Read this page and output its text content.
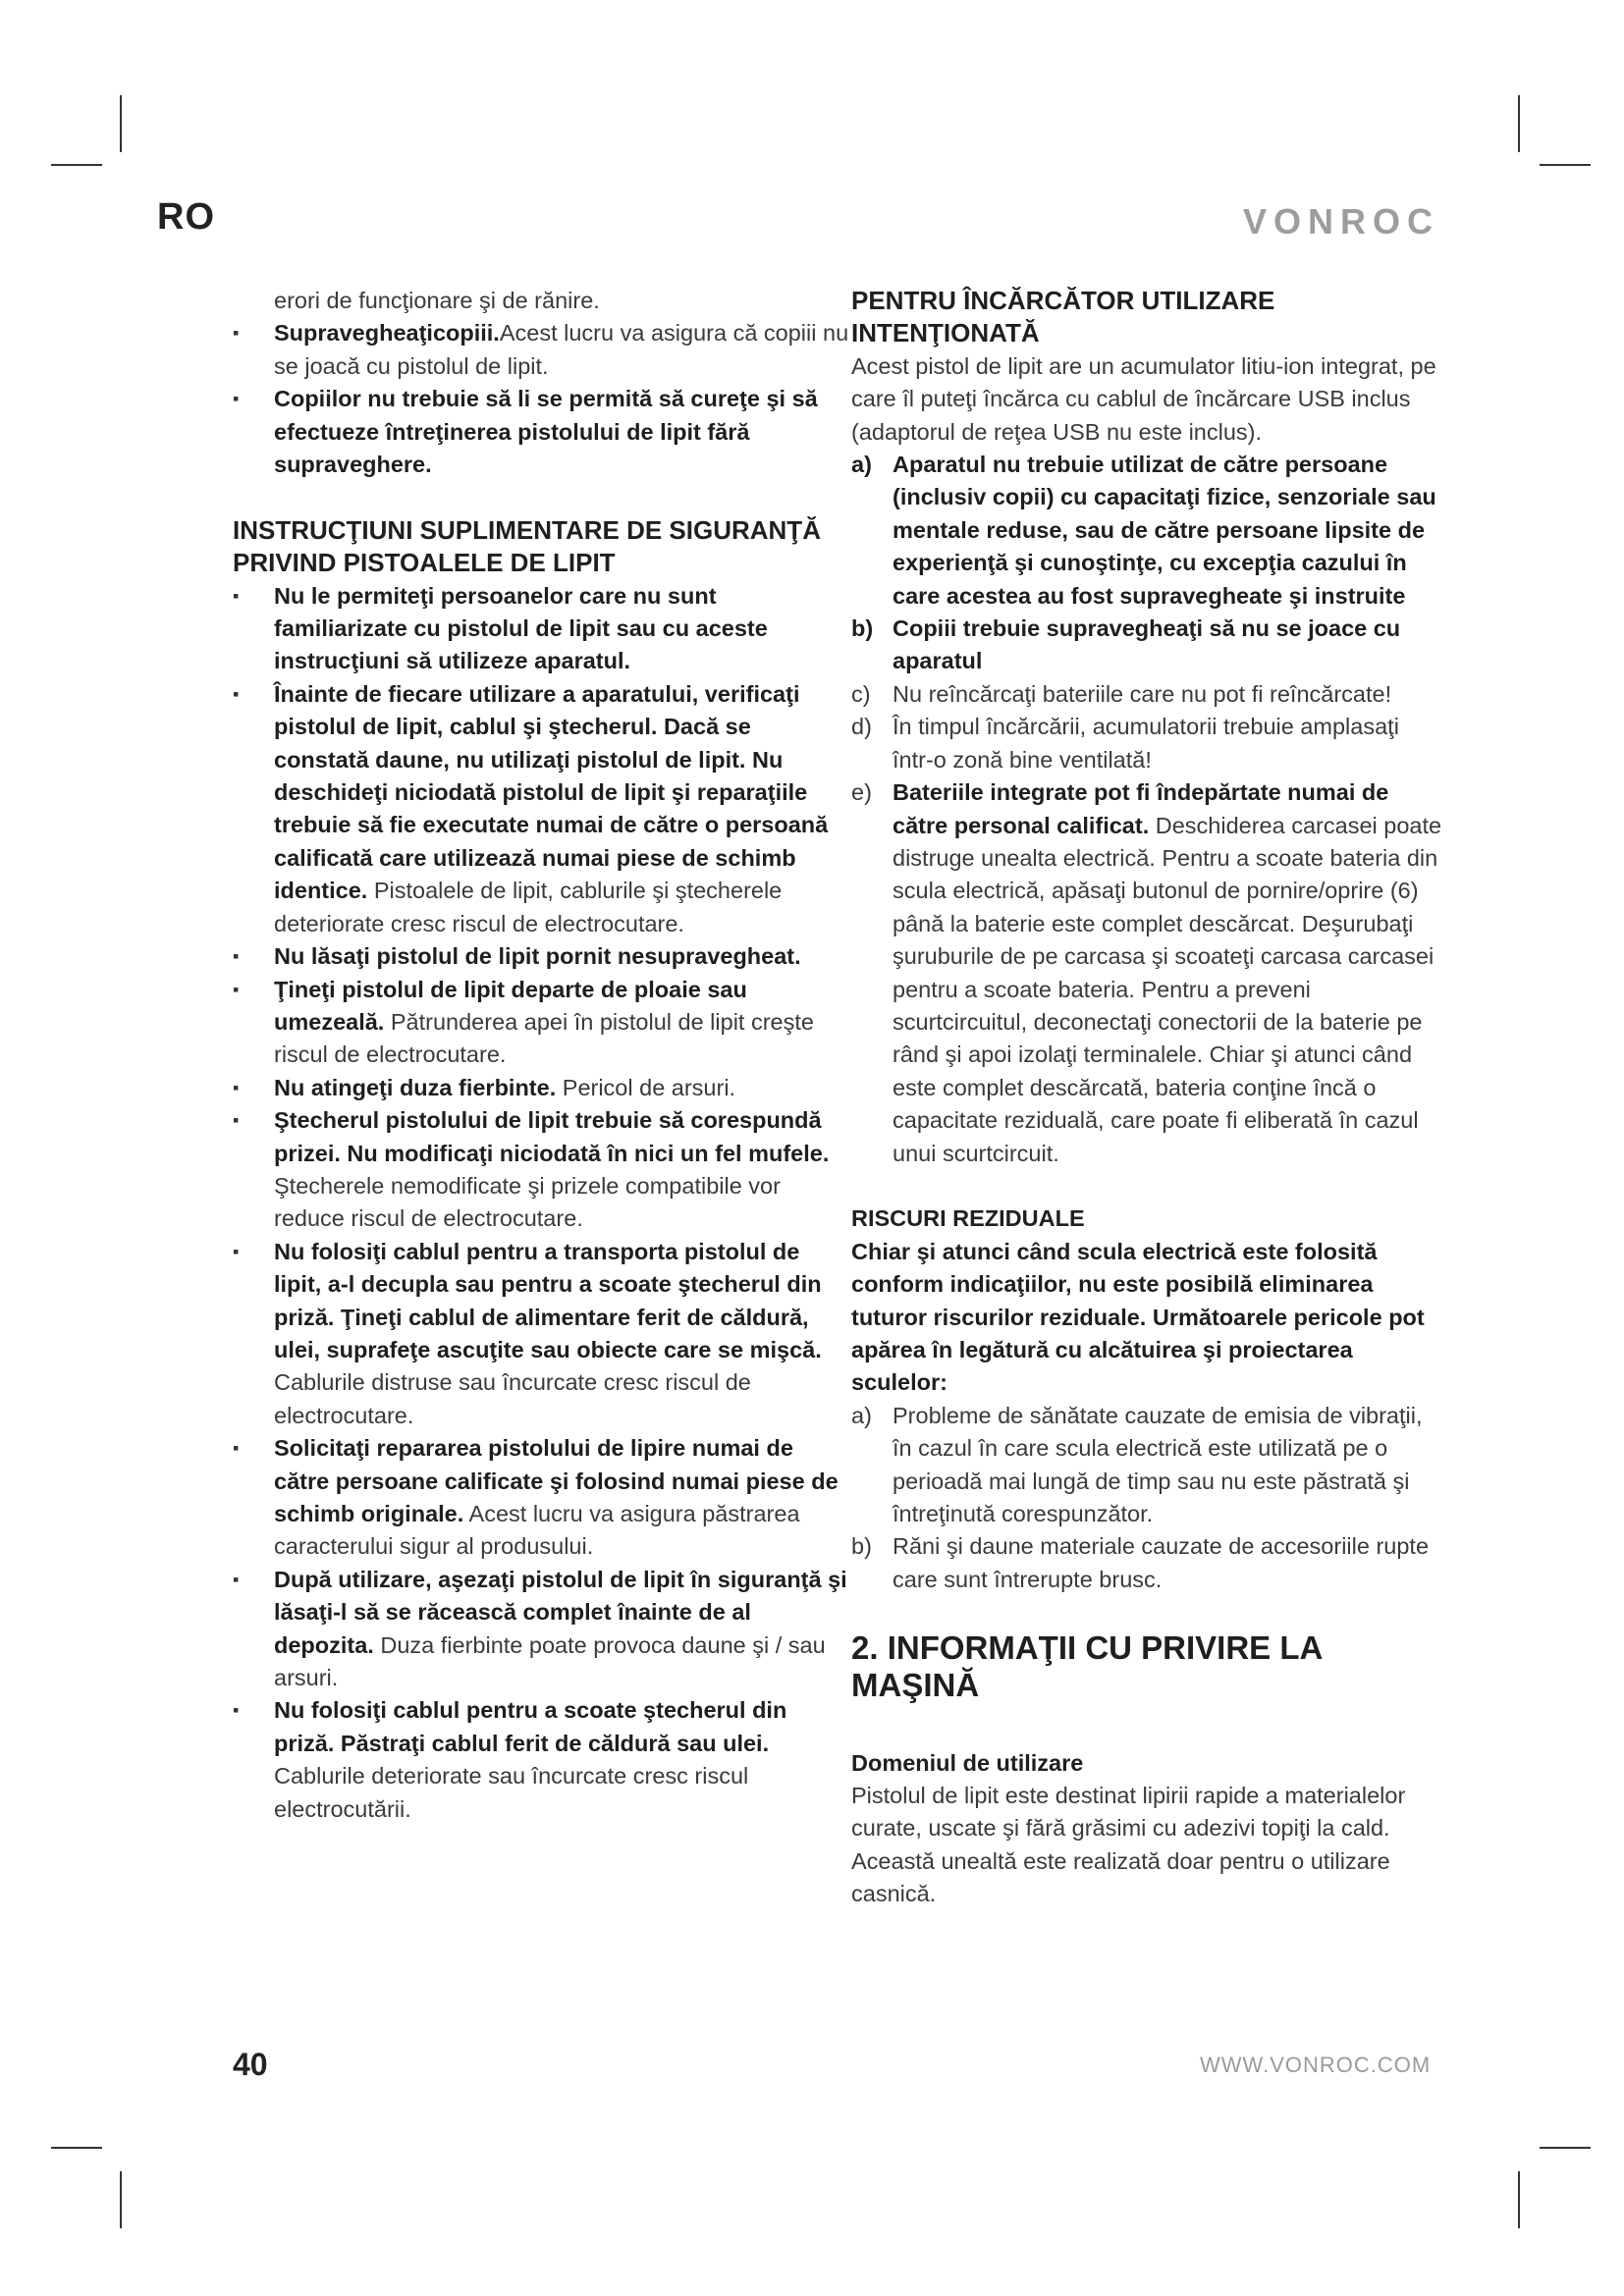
RO	VONROC

erori de funcţionare şi de rănire.

▪ Supravegheaţicopiii.Acest lucru va asigura că copiii nu se joacă cu pistolul de lipit.
▪ Copiilor nu trebuie să li se permită să cureţe şi să efectueze întreţinerea pistolului de lipit fără supraveghere.

INSTRUCŢIUNI SUPLIMENTARE DE SIGURANŢĂ PRIVIND PISTOALELE DE LIPIT

▪ Nu le permiteţi persoanelor care nu sunt familiarizate cu pistolul de lipit sau cu aceste instrucţiuni să utilizeze aparatul.
▪ Înainte de fiecare utilizare a aparatului, verificaţi pistolul de lipit, cablul şi ştecherul. Dacă se constată daune, nu utilizaţi pistolul de lipit. Nu deschideţi niciodată pistolul de lipit şi reparaţiile trebuie să fie executate numai de către o persoană calificată care utilizează numai piese de schimb identice. Pistoalele de lipit, cablurile şi ştecherele deteriorate cresc riscul de electrocutare.
▪ Nu lăsaţi pistolul de lipit pornit nesupravegheat.
▪ Ţineţi pistolul de lipit departe de ploaie sau umezeală. Pătrunderea apei în pistolul de lipit creşte riscul de electrocutare.
▪ Nu atingeţi duza fierbinte. Pericol de arsuri.
▪ Ştecherul pistolului de lipit trebuie să corespundă prizei. Nu modificaţi niciodată în nici un fel mufele. Ştecherele nemodificate şi prizele compatibile vor reduce riscul de electrocutare.
▪ Nu folosiţi cablul pentru a transporta pistolul de lipit, a-l decupla sau pentru a scoate ştecherul din priză. Ţineţi cablul de alimentare ferit de căldură, ulei, suprafeţe ascuţite sau obiecte care se mişcă. Cablurile distruse sau încurcate cresc riscul de electrocutare.
▪ Solicitaţi repararea pistolului de lipire numai de către persoane calificate şi folosind numai piese de schimb originale. Acest lucru va asigura păstrarea caracterului sigur al produsului.
▪ După utilizare, aşezaţi pistolul de lipit în siguranţă şi lăsaţi-l să se răcească complet înainte de al depozita. Duza fierbinte poate provoca daune şi / sau arsuri.
▪ Nu folosiţi cablul pentru a scoate ştecherul din priză. Păstraţi cablul ferit de căldură sau ulei. Cablurile deteriorate sau încurcate cresc riscul electrocutării.

PENTRU ÎNCĂRCĂTOR UTILIZARE INTENŢIONATĂ

Acest pistol de lipit are un acumulator litiu-ion integrat, pe care îl puteţi încărca cu cablul de încărcare USB inclus (adaptorul de reţea USB nu este inclus).

a) Aparatul nu trebuie utilizat de către persoane (inclusiv copii) cu capacitaţi fizice, senzoriale sau mentale reduse, sau de către persoane lipsite de experienţă şi cunoştinţe, cu excepţia cazului în care acestea au fost supravegheate şi instruite
b) Copiii trebuie supravegheaţi să nu se joace cu aparatul
c) Nu reîncărcaţi bateriile care nu pot fi reîncărcate!
d) În timpul încărcării, acumulatorii trebuie amplasaţi într-o zonă bine ventilată!
e) Bateriile integrate pot fi îndepărtate numai de către personal calificat. Deschiderea carcasei poate distruge unealta electrică. Pentru a scoate bateria din scula electrică, apăsaţi butonul de pornire/oprire (6) până la baterie este complet descărcat. Deşurubaţi şuruburile de pe carcasa şi scoateţi carcasa carcasei pentru a scoate bateria. Pentru a preveni scurtcircuitul, deconectaţi conectorii de la baterie pe rând şi apoi izolaţi terminalele. Chiar şi atunci când este complet descărcată, bateria conţine încă o capacitate reziduală, care poate fi eliberată în cazul unui scurtcircuit.

RISCURI REZIDUALE

Chiar şi atunci când scula electrică este folosită conform indicaţiilor, nu este posibilă eliminarea tuturor riscurilor reziduale. Următoarele pericole pot apărea în legătură cu alcătuirea şi proiectarea sculelor:

a) Probleme de sănătate cauzate de emisia de vibraţii, în cazul în care scula electrică este utilizată pe o perioadă mai lungă de timp sau nu este păstrată şi întreţinută corespunzător.
b) Răni şi daune materiale cauzate de accesoriile rupte care sunt întrerupte brusc.

2. INFORMAŢII CU PRIVIRE LA MAŞINĂ

Domeniul de utilizare

Pistolul de lipit este destinat lipirii rapide a materialelor curate, uscate şi fără grăsimi cu adezivi topiţi la cald. Această unealtă este realizată doar pentru o utilizare casnică.

40	WWW.VONROC.COM
